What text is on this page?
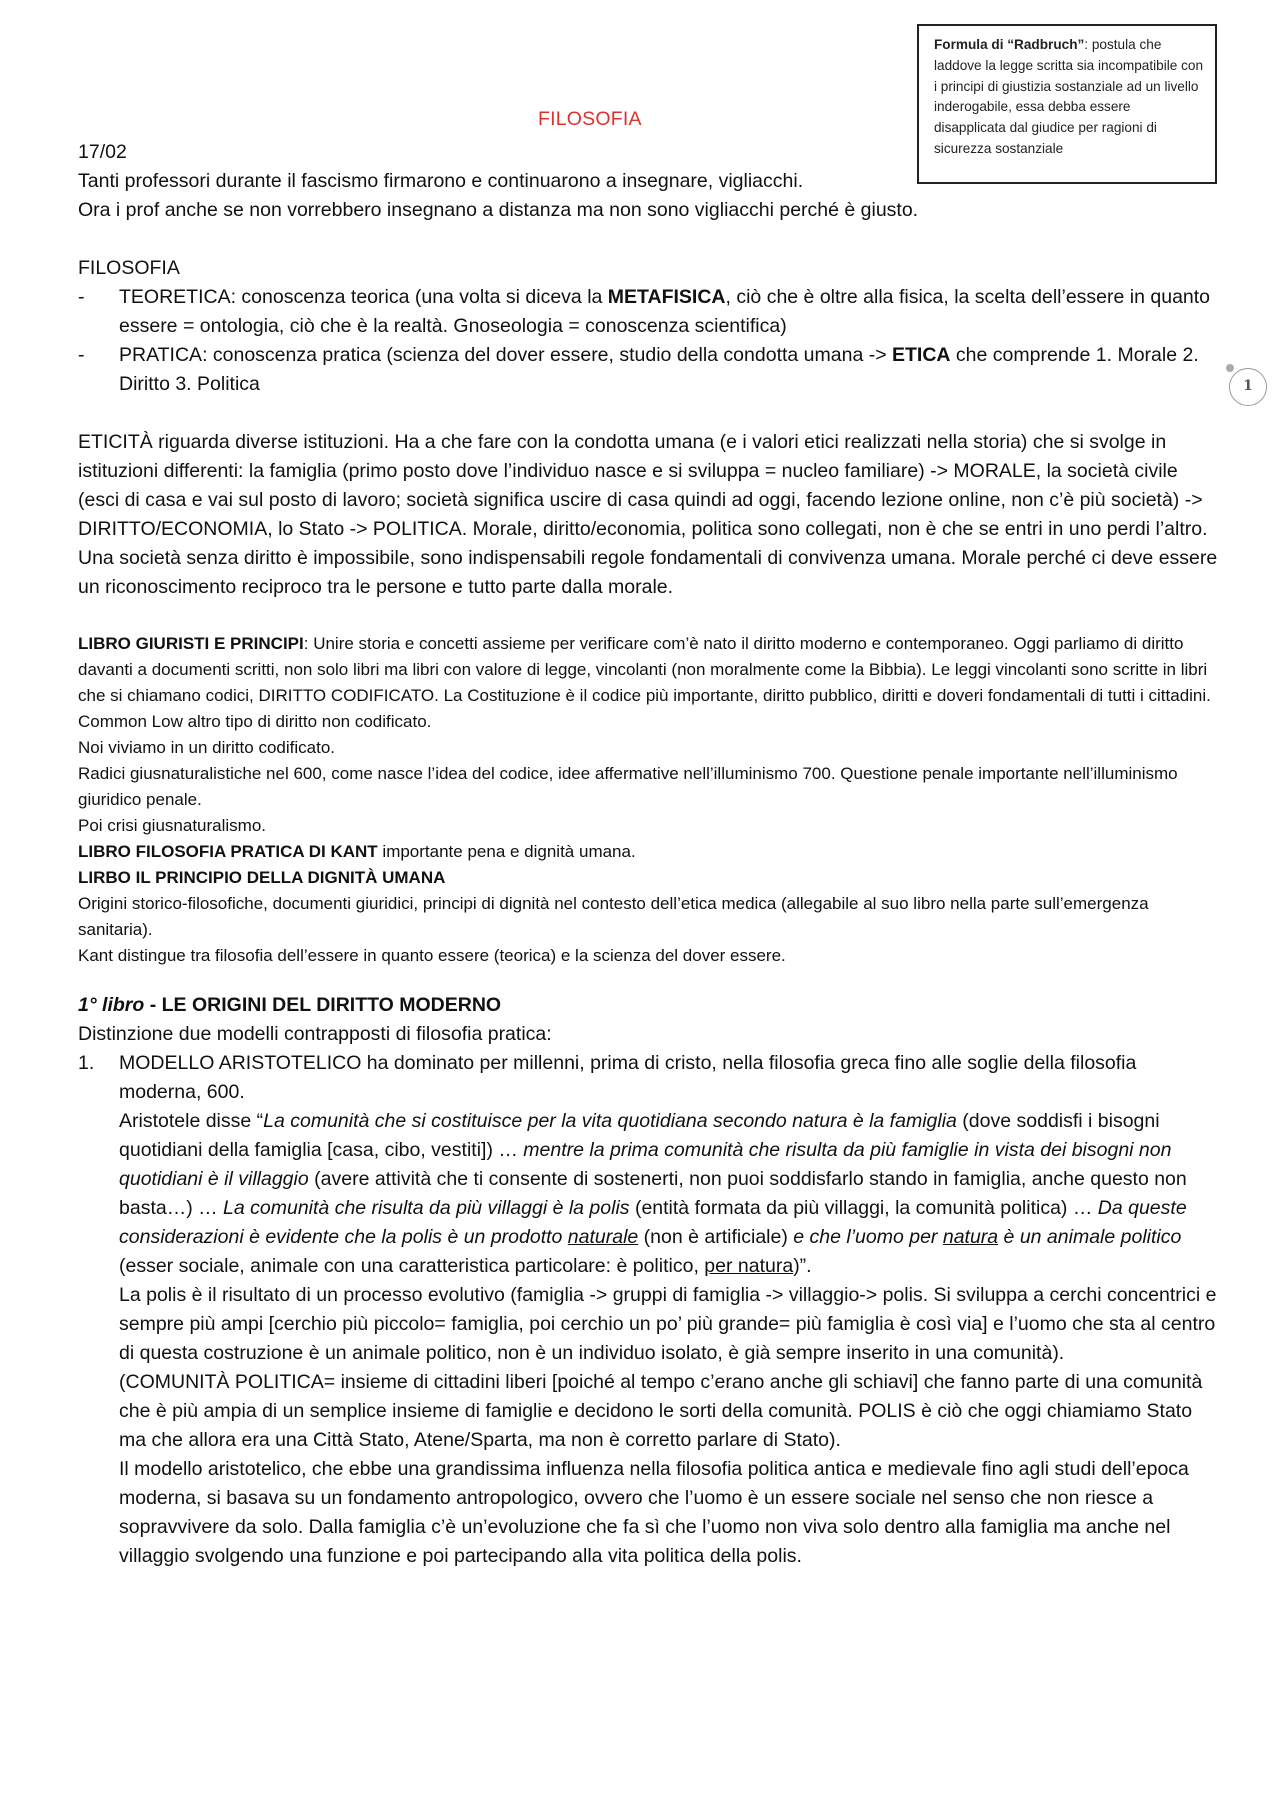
Formula di “Radbruch”: postula che laddove la legge scritta sia incompatibile con i principi di giustizia sostanziale ad un livello inderogabile, essa debba essere disapplicata dal giudice per ragioni di sicurezza sostanziale
FILOSOFIA
1

17/02

Tanti professori durante il fascismo firmarono e continuarono a insegnare, vigliacchi.

Ora i prof anche se non vorrebbero insegnano a distanza ma non sono vigliacchi perché è giusto.

FILOSOFIA

- TEORETICA: conoscenza teorica (una volta si diceva la METAFISICA, ciò che è oltre alla fisica, la scelta dell’essere in quanto essere = ontologia, ciò che è la realtà. Gnoseologia = conoscenza scientifica)
- PRATICA: conoscenza pratica (scienza del dover essere, studio della condotta umana -> ETICA che comprende 1. Morale 2. Diritto 3. Politica

ETICITÀ riguarda diverse istituzioni. Ha a che fare con la condotta umana (e i valori etici realizzati nella storia) che si svolge in istituzioni differenti: la famiglia (primo posto dove l’individuo nasce e si sviluppa = nucleo familiare) -> MORALE, la società civile (esci di casa e vai sul posto di lavoro; società significa uscire di casa quindi ad oggi, facendo lezione online, non c’è più società) -> DIRITTO/ECONOMIA, lo Stato -> POLITICA. Morale, diritto/economia, politica sono collegati, non è che se entri in uno perdi l’altro. Una società senza diritto è impossibile, sono indispensabili regole fondamentali di convivenza umana. Morale perché ci deve essere un riconoscimento reciproco tra le persone e tutto parte dalla morale.

LIBRO GIURISTI E PRINCIPI: Unire storia e concetti assieme per verificare com’è nato il diritto moderno e contemporaneo. Oggi parliamo di diritto davanti a documenti scritti, non solo libri ma libri con valore di legge, vincolanti (non moralmente come la Bibbia). Le leggi vincolanti sono scritte in libri che si chiamano codici, DIRITTO CODIFICATO. La Costituzione è il codice più importante, diritto pubblico, diritti e doveri fondamentali di tutti i cittadini. Common Low altro tipo di diritto non codificato.

Noi viviamo in un diritto codificato.

Radici giusnaturalistiche nel 600, come nasce l’idea del codice, idee affermative nell’illuminismo 700. Questione penale importante nell’illuminismo giuridico penale.

Poi crisi giusnaturalismo.

LIBRO FILOSOFIA PRATICA DI KANT importante pena e dignità umana.

LIRBO IL PRINCIPIO DELLA DIGNITÀ UMANA

Origini storico-filosofiche, documenti giuridici, principi di dignità nel contesto dell’etica medica (allegabile al suo libro nella parte sull’emergenza sanitaria).

Kant distingue tra filosofia dell’essere in quanto essere (teorica) e la scienza del dover essere.

1° libro - LE ORIGINI DEL DIRITTO MODERNO

Distinzione due modelli contrapposti di filosofia pratica:

1. MODELLO ARISTOTELICO ha dominato per millenni, prima di cristo, nella filosofia greca fino alle soglie della filosofia moderna, 600.

Aristotele disse “La comunità che si costituisce per la vita quotidiana secondo natura è la famiglia (dove soddisfi i bisogni quotidiani della famiglia [casa, cibo, vestiti]) … mentre la prima comunità che risulta da più famiglie in vista dei bisogni non quotidiani è il villaggio (avere attività che ti consente di sostenerti, non puoi soddisfarlo stando in famiglia, anche questo non basta…) … La comunità che risulta da più villaggi è la polis (entità formata da più villaggi, la comunità politica) … Da queste considerazioni è evidente che la polis è un prodotto naturale (non è artificiale) e che l’uomo per natura è un animale politico (esser sociale, animale con una caratteristica particolare: è politico, per natura)”.

La polis è il risultato di un processo evolutivo (famiglia -> gruppi di famiglia -> villaggio-> polis. Si sviluppa a cerchi concentrici e sempre più ampi [cerchio più piccolo= famiglia, poi cerchio un po’ più grande= più famiglia è così via] e l’uomo che sta al centro di questa costruzione è un animale politico, non è un individuo isolato, è già sempre inserito in una comunità).

(COMUNITÀ POLITICA= insieme di cittadini liberi [poiché al tempo c’erano anche gli schiavi] che fanno parte di una comunità che è più ampia di un semplice insieme di famiglie e decidono le sorti della comunità. POLIS è ciò che oggi chiamiamo Stato ma che allora era una Città Stato, Atene/Sparta, ma non è corretto parlare di Stato).

Il modello aristotelico, che ebbe una grandissima influenza nella filosofia politica antica e medievale fino agli studi dell’epoca moderna, si basava su un fondamento antropologico, ovvero che l’uomo è un essere sociale nel senso che non riesce a sopravvivere da solo. Dalla famiglia c’è un’evoluzione che fa sì che l’uomo non viva solo dentro alla famiglia ma anche nel villaggio svolgendo una funzione e poi partecipando alla vita politica della polis.
